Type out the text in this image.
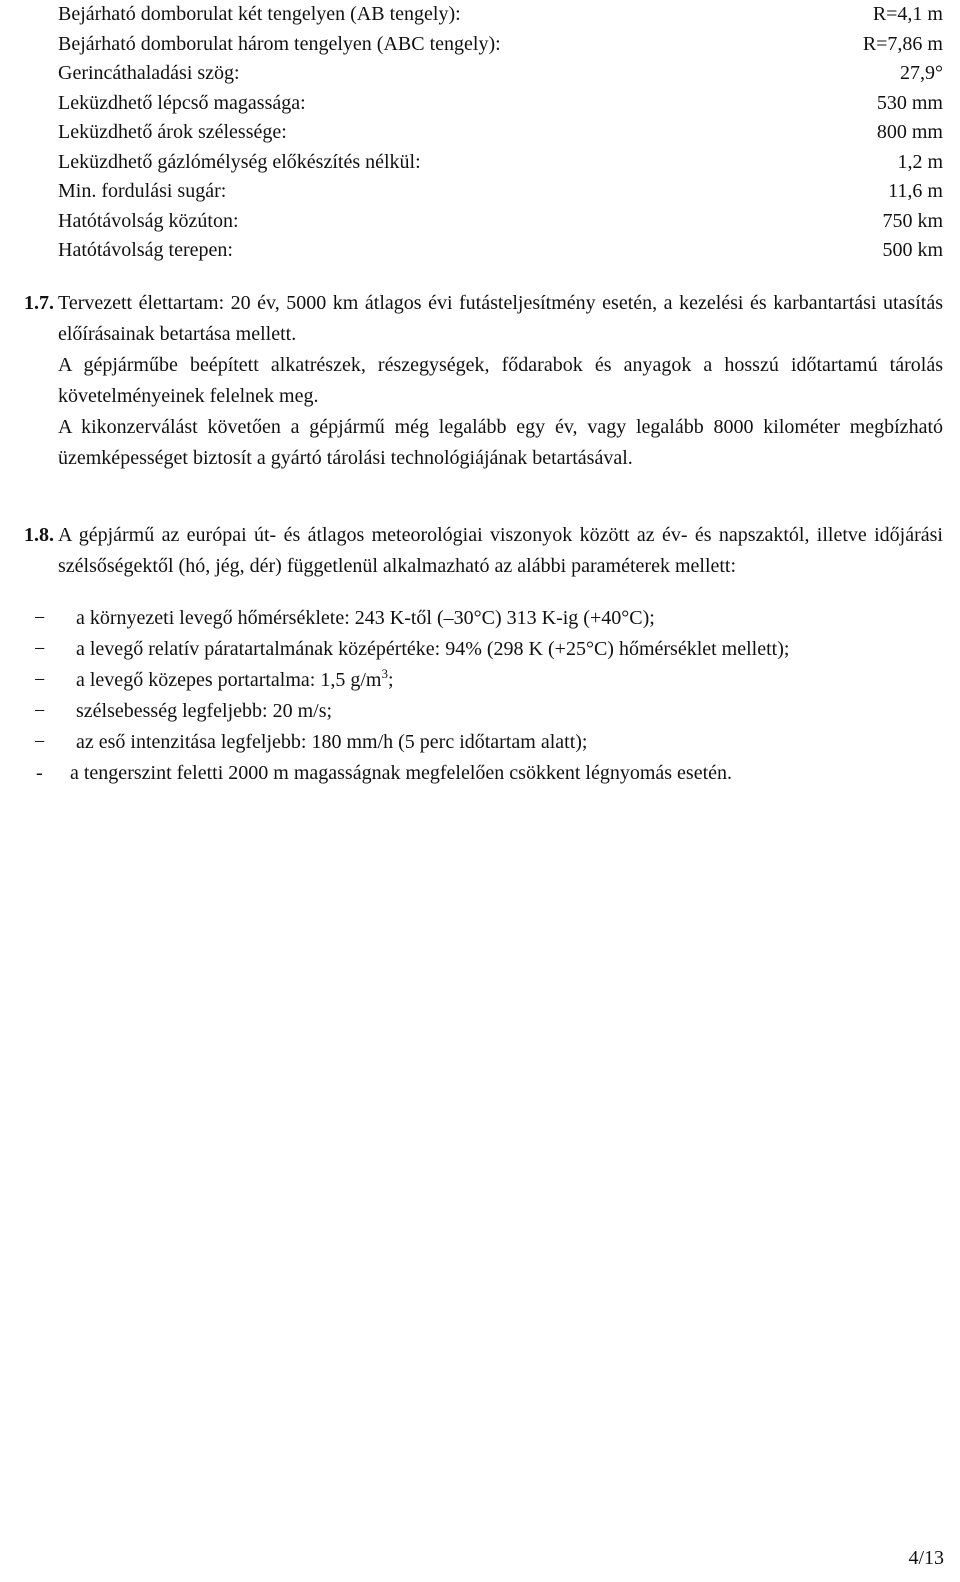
Bejárható domborulat két tengelyen (AB tengely):	R=4,1 m
Bejárható domborulat három tengelyen (ABC tengely):	R=7,86 m
Gerincáthaladási szög:	27,9°
Leküzdhető lépcső magassága:	530 mm
Leküzdhető árok szélessége:	800 mm
Leküzdhető gázlómélység előkészítés nélkül:	1,2 m
Min. fordulási sugár:	11,6 m
Hatótávolság közúton:	750 km
Hatótávolság terepen:	500 km
1.7. Tervezett élettartam: 20 év, 5000 km átlagos évi futásteljesítmény esetén, a kezelési és karbantartási utasítás előírásainak betartása mellett.

A gépjárműbe beépített alkatrészek, részegységek, fődarabok és anyagok a hosszú időtartamú tárolás követelményeinek felelnek meg.

A kikonzerválást követően a gépjármű még legalább egy év, vagy legalább 8000 kilométer megbízható üzemképességet biztosít a gyártó tárolási technológiájának betartásával.

1.8. A gépjármű az európai út- és átlagos meteorológiai viszonyok között az év- és napszaktól, illetve időjárási szélsőségektől (hó, jég, dér) függetlenül alkalmazható az alábbi paraméterek mellett:

− a környezeti levegő hőmérséklete: 243 K-től (–30°C) 313 K-ig (+40°C);

− a levegő relatív páratartalmának középértéke: 94% (298 K (+25°C) hőmérséklet mellett);

− a levegő közepes portartalma: 1,5 $g/m^3$;

− szélsebesség legfeljebb: 20 m/s;

− az eső intenzitása legfeljebb: 180 mm/h (5 perc időtartam alatt);

- a tengerszint feletti 2000 m magasságnak megfelelően csökkent légnyomás esetén.

4/13
